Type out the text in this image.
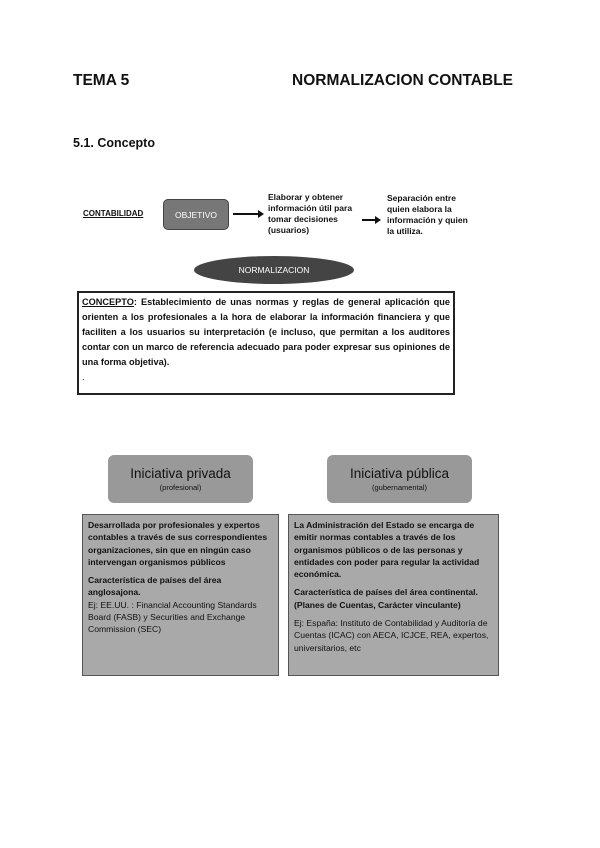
TEMA 5	NORMALIZACION CONTABLE
5.1. Concepto
CONTABILIDAD	OBJETIVO
Elaborar y obtener información útil para tomar decisiones (usuarios)
Separación entre quien elabora la información y quien la utiliza.
NORMALIZACION
CONCEPTO: Establecimiento de unas normas y reglas de general aplicación que orienten a los profesionales a la hora de elaborar la información financiera y que faciliten a los usuarios su interpretación (e incluso, que permitan a los auditores contar con un marco de referencia adecuado para poder expresar sus opiniones de una forma objetiva).
.
Iniciativa privada
(profesional)
Iniciativa pública
(gubernamental)
Desarrollada por profesionales y expertos contables a través de sus correspondientes organizaciones, sin que en ningún caso intervengan organismos públicos
Característica de países del área anglosajona.
Ej: EE.UU. : Financial Accounting Standards Board (FASB) y Securities and Exchange Commission (SEC)
La Administración del Estado se encarga de emitir normas contables a través de los organismos públicos o de las personas y entidades con poder para regular la actividad económica.
Característica de países del área continental. (Planes de Cuentas, Carácter vinculante)
Ej: España: Instituto de Contabilidad y Auditoría de Cuentas (ICAC) con AECA, ICJCE, REA, expertos, universitarios, etc
